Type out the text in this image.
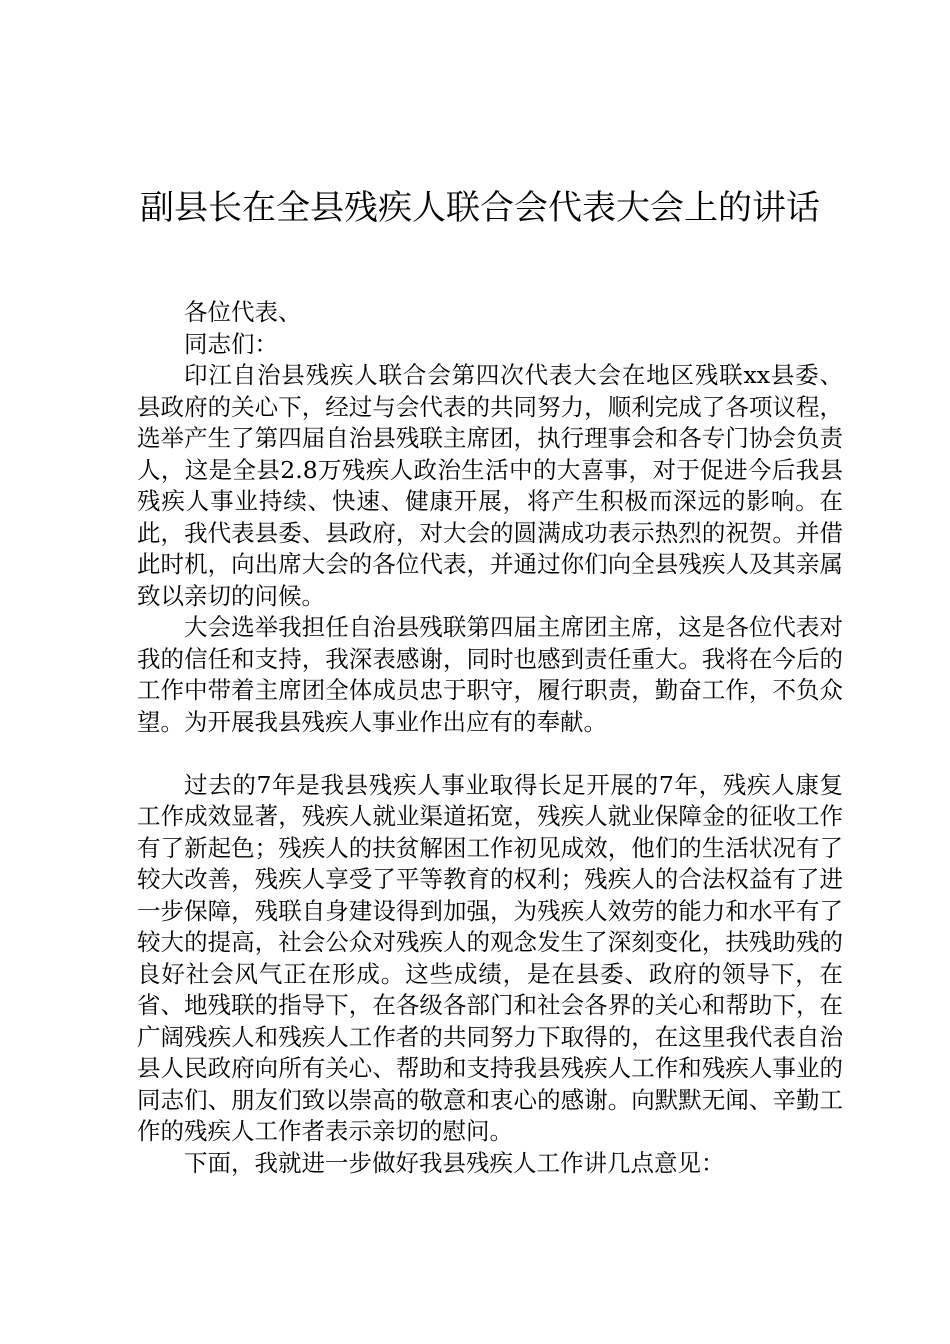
副县长在全县残疾人联合会代表大会上的讲话

各位代表、

同志们：

印江自治县残疾人联合会第四次代表大会在地区残联xx县委、县政府的关心下，经过与会代表的共同努力，顺利完成了各项议程，选举产生了第四届自治县残联主席团，执行理事会和各专门协会负责人，这是全县2.8万残疾人政治生活中的大喜事，对于促进今后我县残疾人事业持续、快速、健康开展，将产生积极而深远的影响。在此，我代表县委、县政府，对大会的圆满成功表示热烈的祝贺。并借此时机，向出席大会的各位代表，并通过你们向全县残疾人及其亲属致以亲切的问候。

大会选举我担任自治县残联第四届主席团主席，这是各位代表对我的信任和支持，我深表感谢，同时也感到责任重大。我将在今后的工作中带着主席团全体成员忠于职守，履行职责，勤奋工作，不负众望。为开展我县残疾人事业作出应有的奉献。

过去的7年是我县残疾人事业取得长足开展的7年，残疾人康复工作成效显著，残疾人就业渠道拓宽，残疾人就业保障金的征收工作有了新起色；残疾人的扶贫解困工作初见成效，他们的生活状况有了较大改善，残疾人享受了平等教育的权利；残疾人的合法权益有了进一步保障，残联自身建设得到加强，为残疾人效劳的能力和水平有了较大的提高，社会公众对残疾人的观念发生了深刻变化，扶残助残的良好社会风气正在形成。这些成绩，是在县委、政府的领导下，在省、地残联的指导下，在各级各部门和社会各界的关心和帮助下，在广阔残疾人和残疾人工作者的共同努力下取得的，在这里我代表自治县人民政府向所有关心、帮助和支持我县残疾人工作和残疾人事业的同志们、朋友们致以崇高的敬意和衷心的感谢。向默默无闻、辛勤工作的残疾人工作者表示亲切的慰问。

下面，我就进一步做好我县残疾人工作讲几点意见：
